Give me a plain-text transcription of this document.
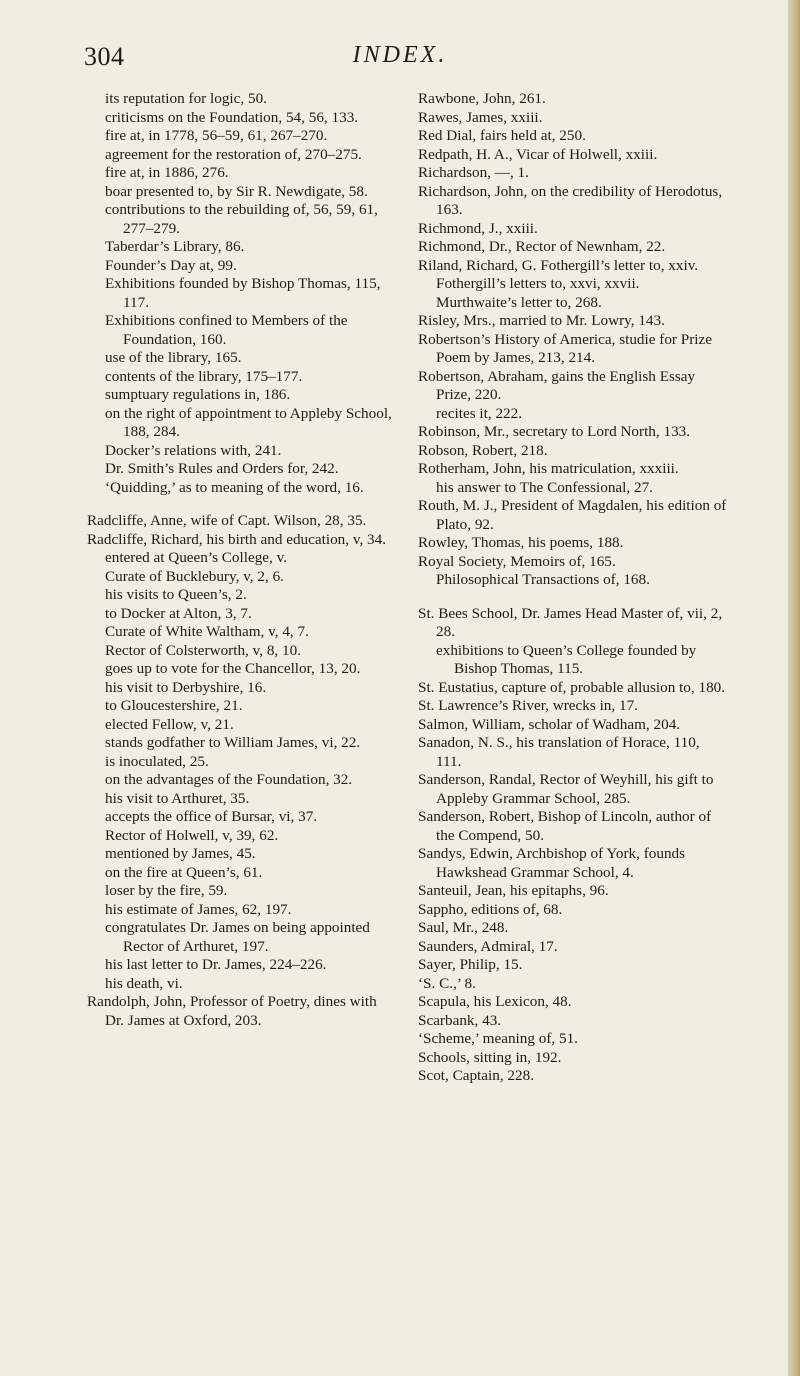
304	INDEX.
its reputation for logic, 50.
criticisms on the Foundation, 54, 56, 133.
fire at, in 1778, 56–59, 61, 267–270.
agreement for the restoration of, 270–275.
fire at, in 1886, 276.
boar presented to, by Sir R. Newdigate, 58.
contributions to the rebuilding of, 56, 59, 61, 277–279.
Taberdar’s Library, 86.
Founder’s Day at, 99.
Exhibitions founded by Bishop Thomas, 115, 117.
Exhibitions confined to Members of the Foundation, 160.
use of the library, 165.
contents of the library, 175–177.
sumptuary regulations in, 186.
on the right of appointment to Appleby School, 188, 284.
Docker’s relations with, 241.
Dr. Smith’s Rules and Orders for, 242.
‘Quidding,’ as to meaning of the word, 16.
Radcliffe, Anne, wife of Capt. Wilson, 28, 35.
Radcliffe, Richard, his birth and education, v, 34.
entered at Queen’s College, v.
Curate of Bucklebury, v, 2, 6.
his visits to Queen’s, 2.
to Docker at Alton, 3, 7.
Curate of White Waltham, v, 4, 7.
Rector of Colsterworth, v, 8, 10.
goes up to vote for the Chancellor, 13, 20.
his visit to Derbyshire, 16.
to Gloucestershire, 21.
elected Fellow, v, 21.
stands godfather to William James, vi, 22.
is inoculated, 25.
on the advantages of the Foundation, 32.
his visit to Arthuret, 35.
accepts the office of Bursar, vi, 37.
Rector of Holwell, v, 39, 62.
mentioned by James, 45.
on the fire at Queen’s, 61.
loser by the fire, 59.
his estimate of James, 62, 197.
congratulates Dr. James on being appointed Rector of Arthuret, 197.
his last letter to Dr. James, 224–226.
his death, vi.
Randolph, John, Professor of Poetry, dines with Dr. James at Oxford, 203.
Rawbone, John, 261.
Rawes, James, xxiii.
Red Dial, fairs held at, 250.
Redpath, H. A., Vicar of Holwell, xxiii.
Richardson, —, 1.
Richardson, John, on the credibility of Herodotus, 163.
Richmond, J., xxiii.
Richmond, Dr., Rector of Newnham, 22.
Riland, Richard, G. Fothergill’s letter to, xxiv.
Fothergill’s letters to, xxvi, xxvii.
Murthwaite’s letter to, 268.
Risley, Mrs., married to Mr. Lowry, 143.
Robertson’s History of America, studie for Prize Poem by James, 213, 214.
Robertson, Abraham, gains the English Essay Prize, 220.
recites it, 222.
Robinson, Mr., secretary to Lord North, 133.
Robson, Robert, 218.
Rotherham, John, his matriculation, xxxiii.
his answer to The Confessional, 27.
Routh, M. J., President of Magdalen, his edition of Plato, 92.
Rowley, Thomas, his poems, 188.
Royal Society, Memoirs of, 165.
Philosophical Transactions of, 168.
St. Bees School, Dr. James Head Master of, vii, 2, 28.
exhibitions to Queen’s College founded by Bishop Thomas, 115.
St. Eustatius, capture of, probable allusion to, 180.
St. Lawrence’s River, wrecks in, 17.
Salmon, William, scholar of Wadham, 204.
Sanadon, N. S., his translation of Horace, 110, 111.
Sanderson, Randal, Rector of Weyhill, his gift to Appleby Grammar School, 285.
Sanderson, Robert, Bishop of Lincoln, author of the Compend, 50.
Sandys, Edwin, Archbishop of York, founds Hawkshead Grammar School, 4.
Santeuil, Jean, his epitaphs, 96.
Sappho, editions of, 68.
Saul, Mr., 248.
Saunders, Admiral, 17.
Sayer, Philip, 15.
‘S. C.,’ 8.
Scapula, his Lexicon, 48.
Scarbank, 43.
‘Scheme,’ meaning of, 51.
Schools, sitting in, 192.
Scot, Captain, 228.
